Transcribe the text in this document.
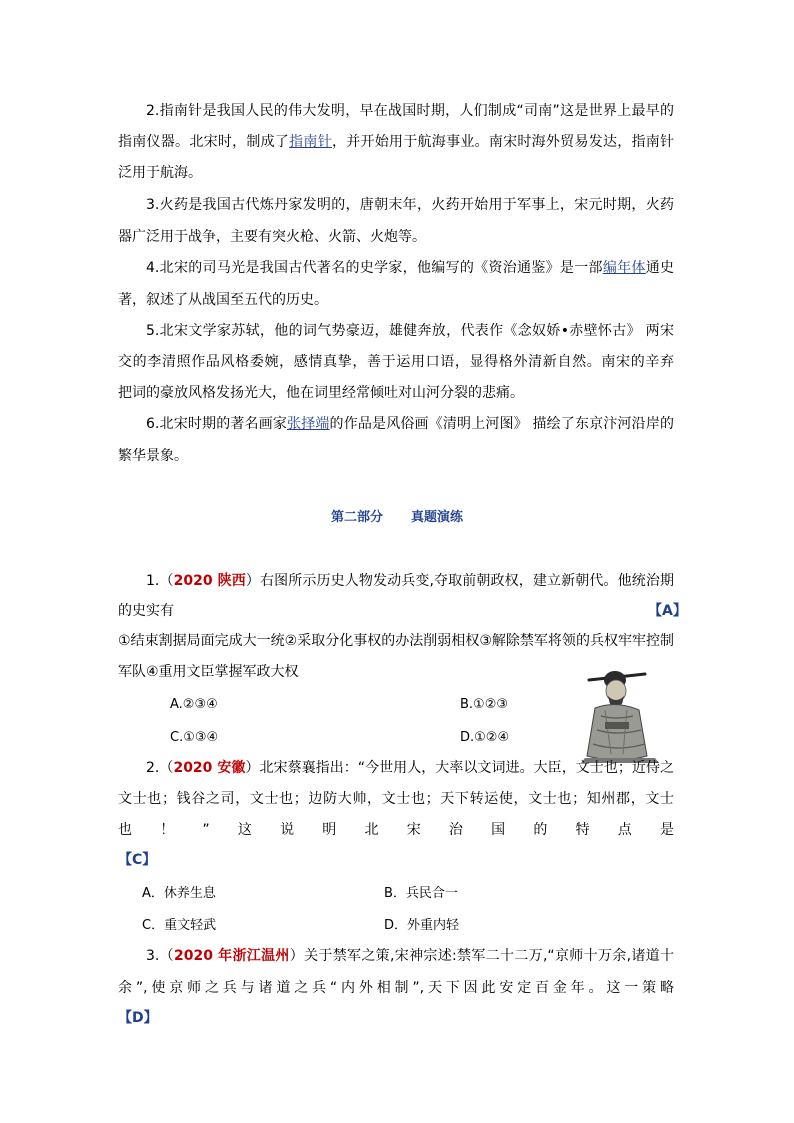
2.指南针是我国人民的伟大发明，早在战国时期，人们制成“司南”这是世界上最早的
指南仪器。北宋时，制成了指南针，并开始用于航海事业。南宋时海外贸易发达，指南针
泛用于航海。
3.火药是我国古代炼丹家发明的，唐朝末年，火药开始用于军事上，宋元时期，火药
器广泛用于战争，主要有突火枪、火箭、火炮等。
4.北宋的司马光是我国古代著名的史学家，他编写的《资治通鉴》是一部编年体通史
著，叙述了从战国至五代的历史。
5.北宋文学家苏轼，他的词气势豪迈，雄健奔放，代表作《念奴娇•赤壁怀古》 两宋
交的李清照作品风格委婉，感情真挚，善于运用口语，显得格外清新自然。南宋的辛弃
把词的豪放风格发扬光大，他在词里经常倾吐对山河分裂的悲痛。
6.北宋时期的著名画家张择端的作品是风俗画《清明上河图》 描绘了东京汴河沿岸的
繁华景象。
第二部分 真题演练
1.（2020 陕西）右图所示历史人物发动兵变,夺取前朝政权，建立新朝代。他统治期
的史实有	【A】
①结束割据局面完成大一统②采取分化事权的办法削弱相权③解除禁军将领的兵权牢牢控制
军队④重用文臣掌握军政大权
A.②③④	B.①②③
C.①③④	D.①②④
2.（2020 安徽）北宋蔡襄指出：“今世用人，大率以文词进。大臣，文士也；近侍之
文士也；钱谷之司，文士也；边防大帅，文士也；天下转运使，文士也；知州郡，文士
也！”这说明北宋治国的特点是
【C】
A．休养生息	B．兵民合一
C．重文轻武	D．外重内轻
3.（2020 年浙江温州）关于禁军之策,宋神宗述:禁军二十二万,“京师十万余,诸道十
余”,使京师之兵与诸道之兵“内外相制”,天下因此安定百金年。这一策略
【D】
